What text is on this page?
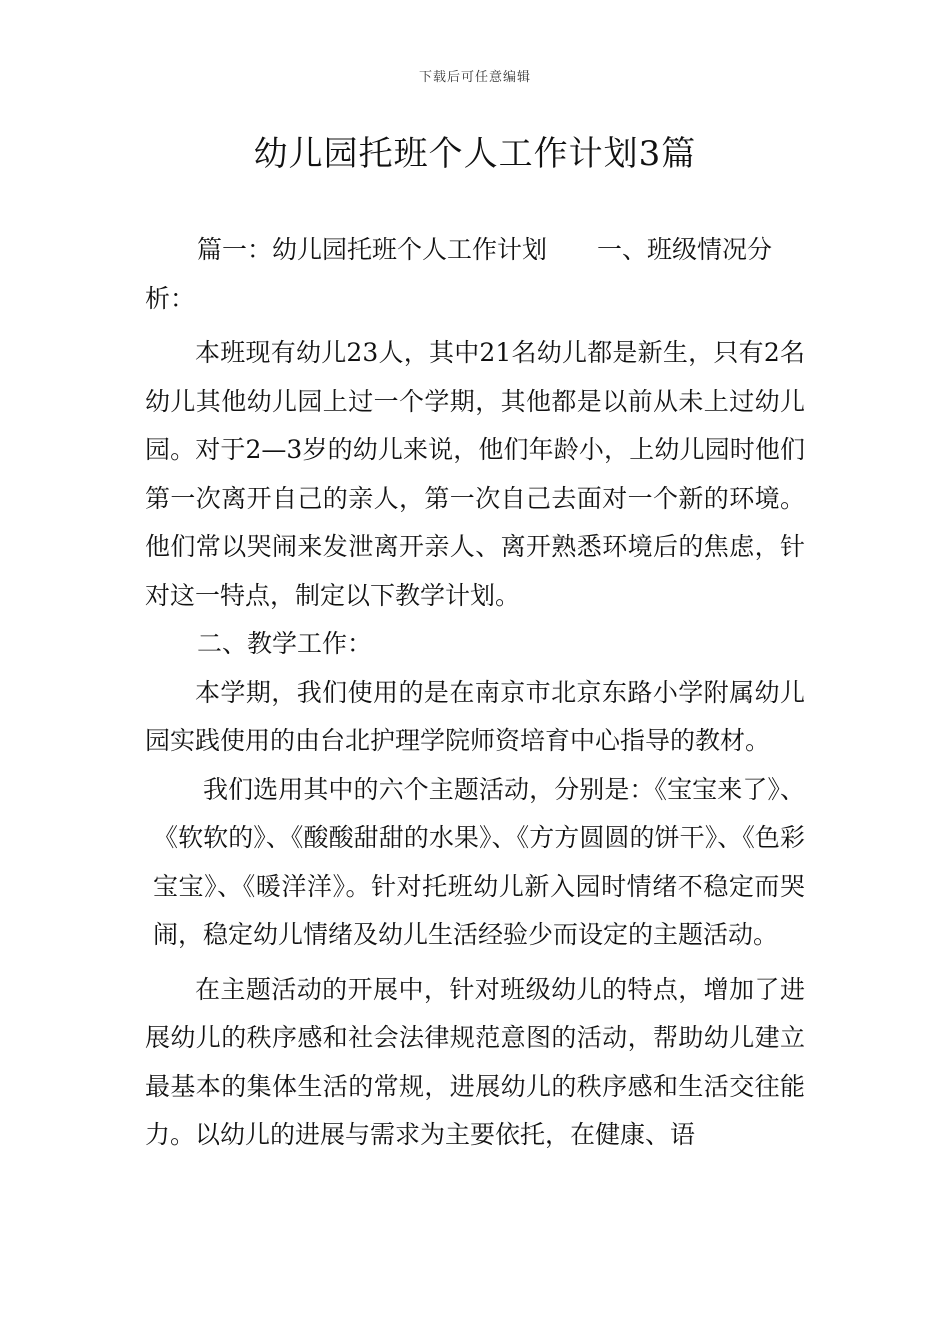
下载后可任意编辑
幼儿园托班个人工作计划3篇

篇一：幼儿园托班个人工作计划　　一、班级情况分

析：

本班现有幼儿23人，其中21名幼儿都是新生，只有2名幼儿其他幼儿园上过一个学期，其他都是以前从未上过幼儿园。对于2—3岁的幼儿来说，他们年龄小，上幼儿园时他们第一次离开自己的亲人，第一次自己去面对一个新的环境。他们常以哭闹来发泄离开亲人、离开熟悉环境后的焦虑，针对这一特点，制定以下教学计划。

二、教学工作：

本学期，我们使用的是在南京市北京东路小学附属幼儿园实践使用的由台北护理学院师资培育中心指导的教材。

我们选用其中的六个主题活动，分别是：《宝宝来了》、《软软的》、《酸酸甜甜的水果》、《方方圆圆的饼干》、《色彩宝宝》、《暖洋洋》。针对托班幼儿新入园时情绪不稳定而哭闹，稳定幼儿情绪及幼儿生活经验少而设定的主题活动。

在主题活动的开展中，针对班级幼儿的特点，增加了进展幼儿的秩序感和社会法律规范意图的活动，帮助幼儿建立最基本的集体生活的常规，进展幼儿的秩序感和生活交往能力。以幼儿的进展与需求为主要依托，在健康、语
